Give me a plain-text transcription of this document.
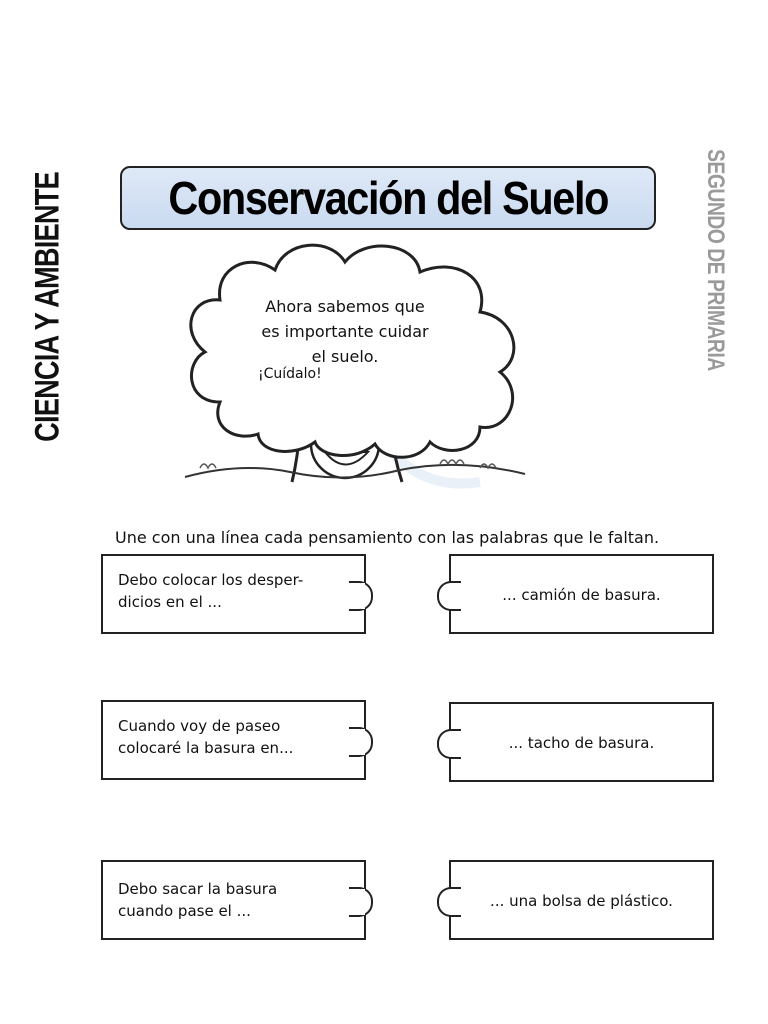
CIENCIA Y AMBIENTE	SEGUNDO DE PRIMARIA
Conservación del Suelo
Ahora sabemos que
es importante cuidar
el suelo.
¡Cuídalo!
Une con una línea cada pensamiento con las palabras que le faltan.
Debo colocar los desper-
dicios en el ...	... camión de basura.
Cuando voy de paseo
colocaré la basura en...	... tacho de basura.
Debo sacar la basura
cuando pase el ...
... una bolsa de plástico.
